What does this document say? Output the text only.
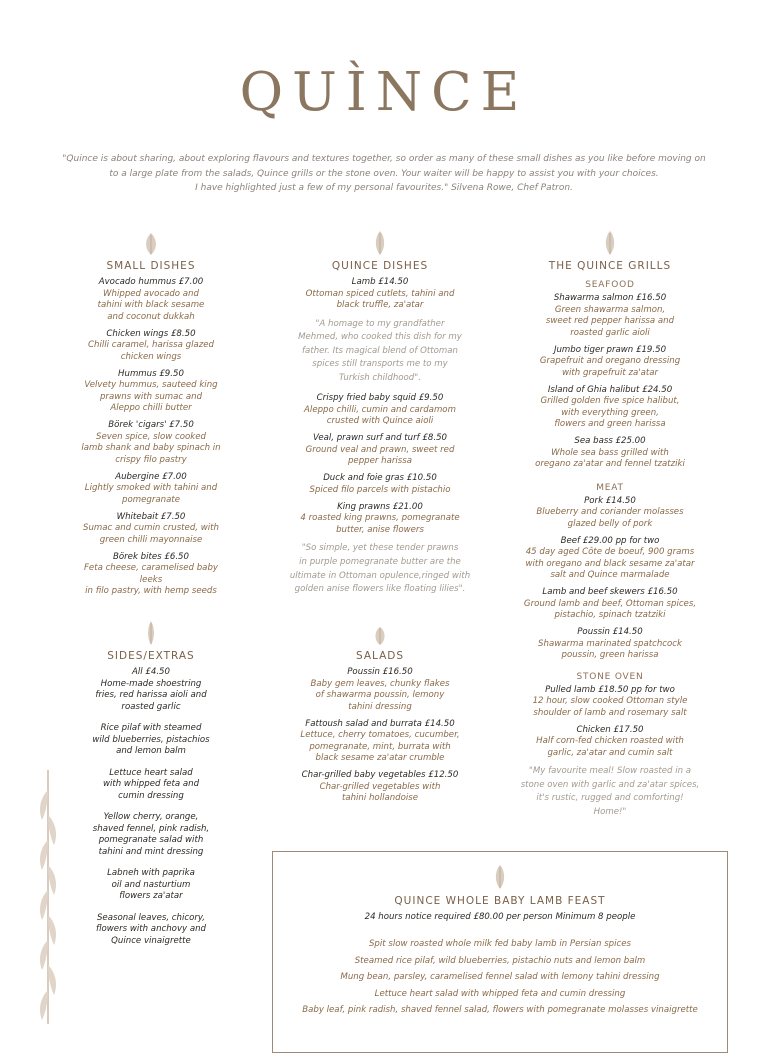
QUÌNCE
"Quince is about sharing, about exploring flavours and textures together, so order as many of these small dishes as you like before moving on
to a large plate from the salads, Quince grills or the stone oven. Your waiter will be happy to assist you with your choices.
I have highlighted just a few of my personal favourites." Silvena Rowe, Chef Patron.
SMALL DISHES
Avocado hummus £7.00
Whipped avocado and
tahini with black sesame
and coconut dukkah
Chicken wings £8.50
Chilli caramel, harissa glazed
chicken wings
Hummus £9.50
Velvety hummus, sauteed king
prawns with sumac and
Aleppo chilli butter
Börek 'cigars' £7.50
Seven spice, slow cooked
lamb shank and baby spinach in
crispy filo pastry
Aubergine £7.00
Lightly smoked with tahini and
pomegranate
Whitebait £7.50
Sumac and cumin crusted, with
green chilli mayonnaise
Börek bites £6.50
Feta cheese, caramelised baby leeks
in filo pastry, with hemp seeds
QUINCE DISHES
Lamb £14.50
Ottoman spiced cutlets, tahini and
black truffle, za'atar
"A homage to my grandfather
Mehmed, who cooked this dish for my
father. Its magical blend of Ottoman
spices still transports me to my
Turkish childhood".
Crispy fried baby squid £9.50
Aleppo chilli, cumin and cardamom
crusted with Quince aioli
Veal, prawn surf and turf £8.50
Ground veal and prawn, sweet red
pepper harissa
Duck and foie gras £10.50
Spiced filo parcels with pistachio
King prawns £21.00
4 roasted king prawns, pomegranate
butter, anise flowers
"So simple, yet these tender prawns
in purple pomegranate butter are the
ultimate in Ottoman opulence,ringed with
golden anise flowers like floating lilies".
THE QUINCE GRILLS
SEAFOOD
Shawarma salmon £16.50
Green shawarma salmon,
sweet red pepper harissa and
roasted garlic aioli
Jumbo tiger prawn £19.50
Grapefruit and oregano dressing
with grapefruit za'atar
Island of Ghia halibut £24.50
Grilled golden five spice halibut,
with everything green,
flowers and green harissa
Sea bass £25.00
Whole sea bass grilled with
oregano za'atar and fennel tzatziki
MEAT
Pork £14.50
Blueberry and coriander molasses
glazed belly of pork
Beef £29.00 pp for two
45 day aged Côte de boeuf, 900 grams
with oregano and black sesame za'atar
salt and Quince marmalade
Lamb and beef skewers £16.50
Ground lamb and beef, Ottoman spices,
pistachio, spinach tzatziki
Poussin £14.50
Shawarma marinated spatchcock
poussin, green harissa
STONE OVEN
Pulled lamb £18.50 pp for two
12 hour, slow cooked Ottoman style
shoulder of lamb and rosemary salt
Chicken £17.50
Half corn-fed chicken roasted with
garlic, za'atar and cumin salt
"My favourite meal! Slow roasted in a
stone oven with garlic and za'atar spices,
it's rustic, rugged and comforting! Home!"
SIDES/EXTRAS
All £4.50
Home-made shoestring
fries, red harissa aioli and
roasted garlic
Rice pilaf with steamed
wild blueberries, pistachios
and lemon balm
Lettuce heart salad
with whipped feta and
cumin dressing
Yellow cherry, orange,
shaved fennel, pink radish,
pomegranate salad with
tahini and mint dressing
Labneh with paprika
oil and nasturtium
flowers za'atar
Seasonal leaves, chicory,
flowers with anchovy and
Quince vinaigrette
SALADS
Poussin £16.50
Baby gem leaves, chunky flakes
of shawarma poussin, lemony
tahini dressing
Fattoush salad and burrata £14.50
Lettuce, cherry tomatoes, cucumber,
pomegranate, mint, burrata with
black sesame za'atar crumble
Char-grilled baby vegetables £12.50
Char-grilled vegetables with
tahini hollandoise
QUINCE WHOLE BABY LAMB FEAST
24 hours notice required £80.00 per person Minimum 8 people
Spit slow roasted whole milk fed baby lamb in Persian spices
Steamed rice pilaf, wild blueberries, pistachio nuts and lemon balm
Mung bean, parsley, caramelised fennel salad with lemony tahini dressing
Lettuce heart salad with whipped feta and cumin dressing
Baby leaf, pink radish, shaved fennel salad, flowers with pomegranate molasses vinaigrette
